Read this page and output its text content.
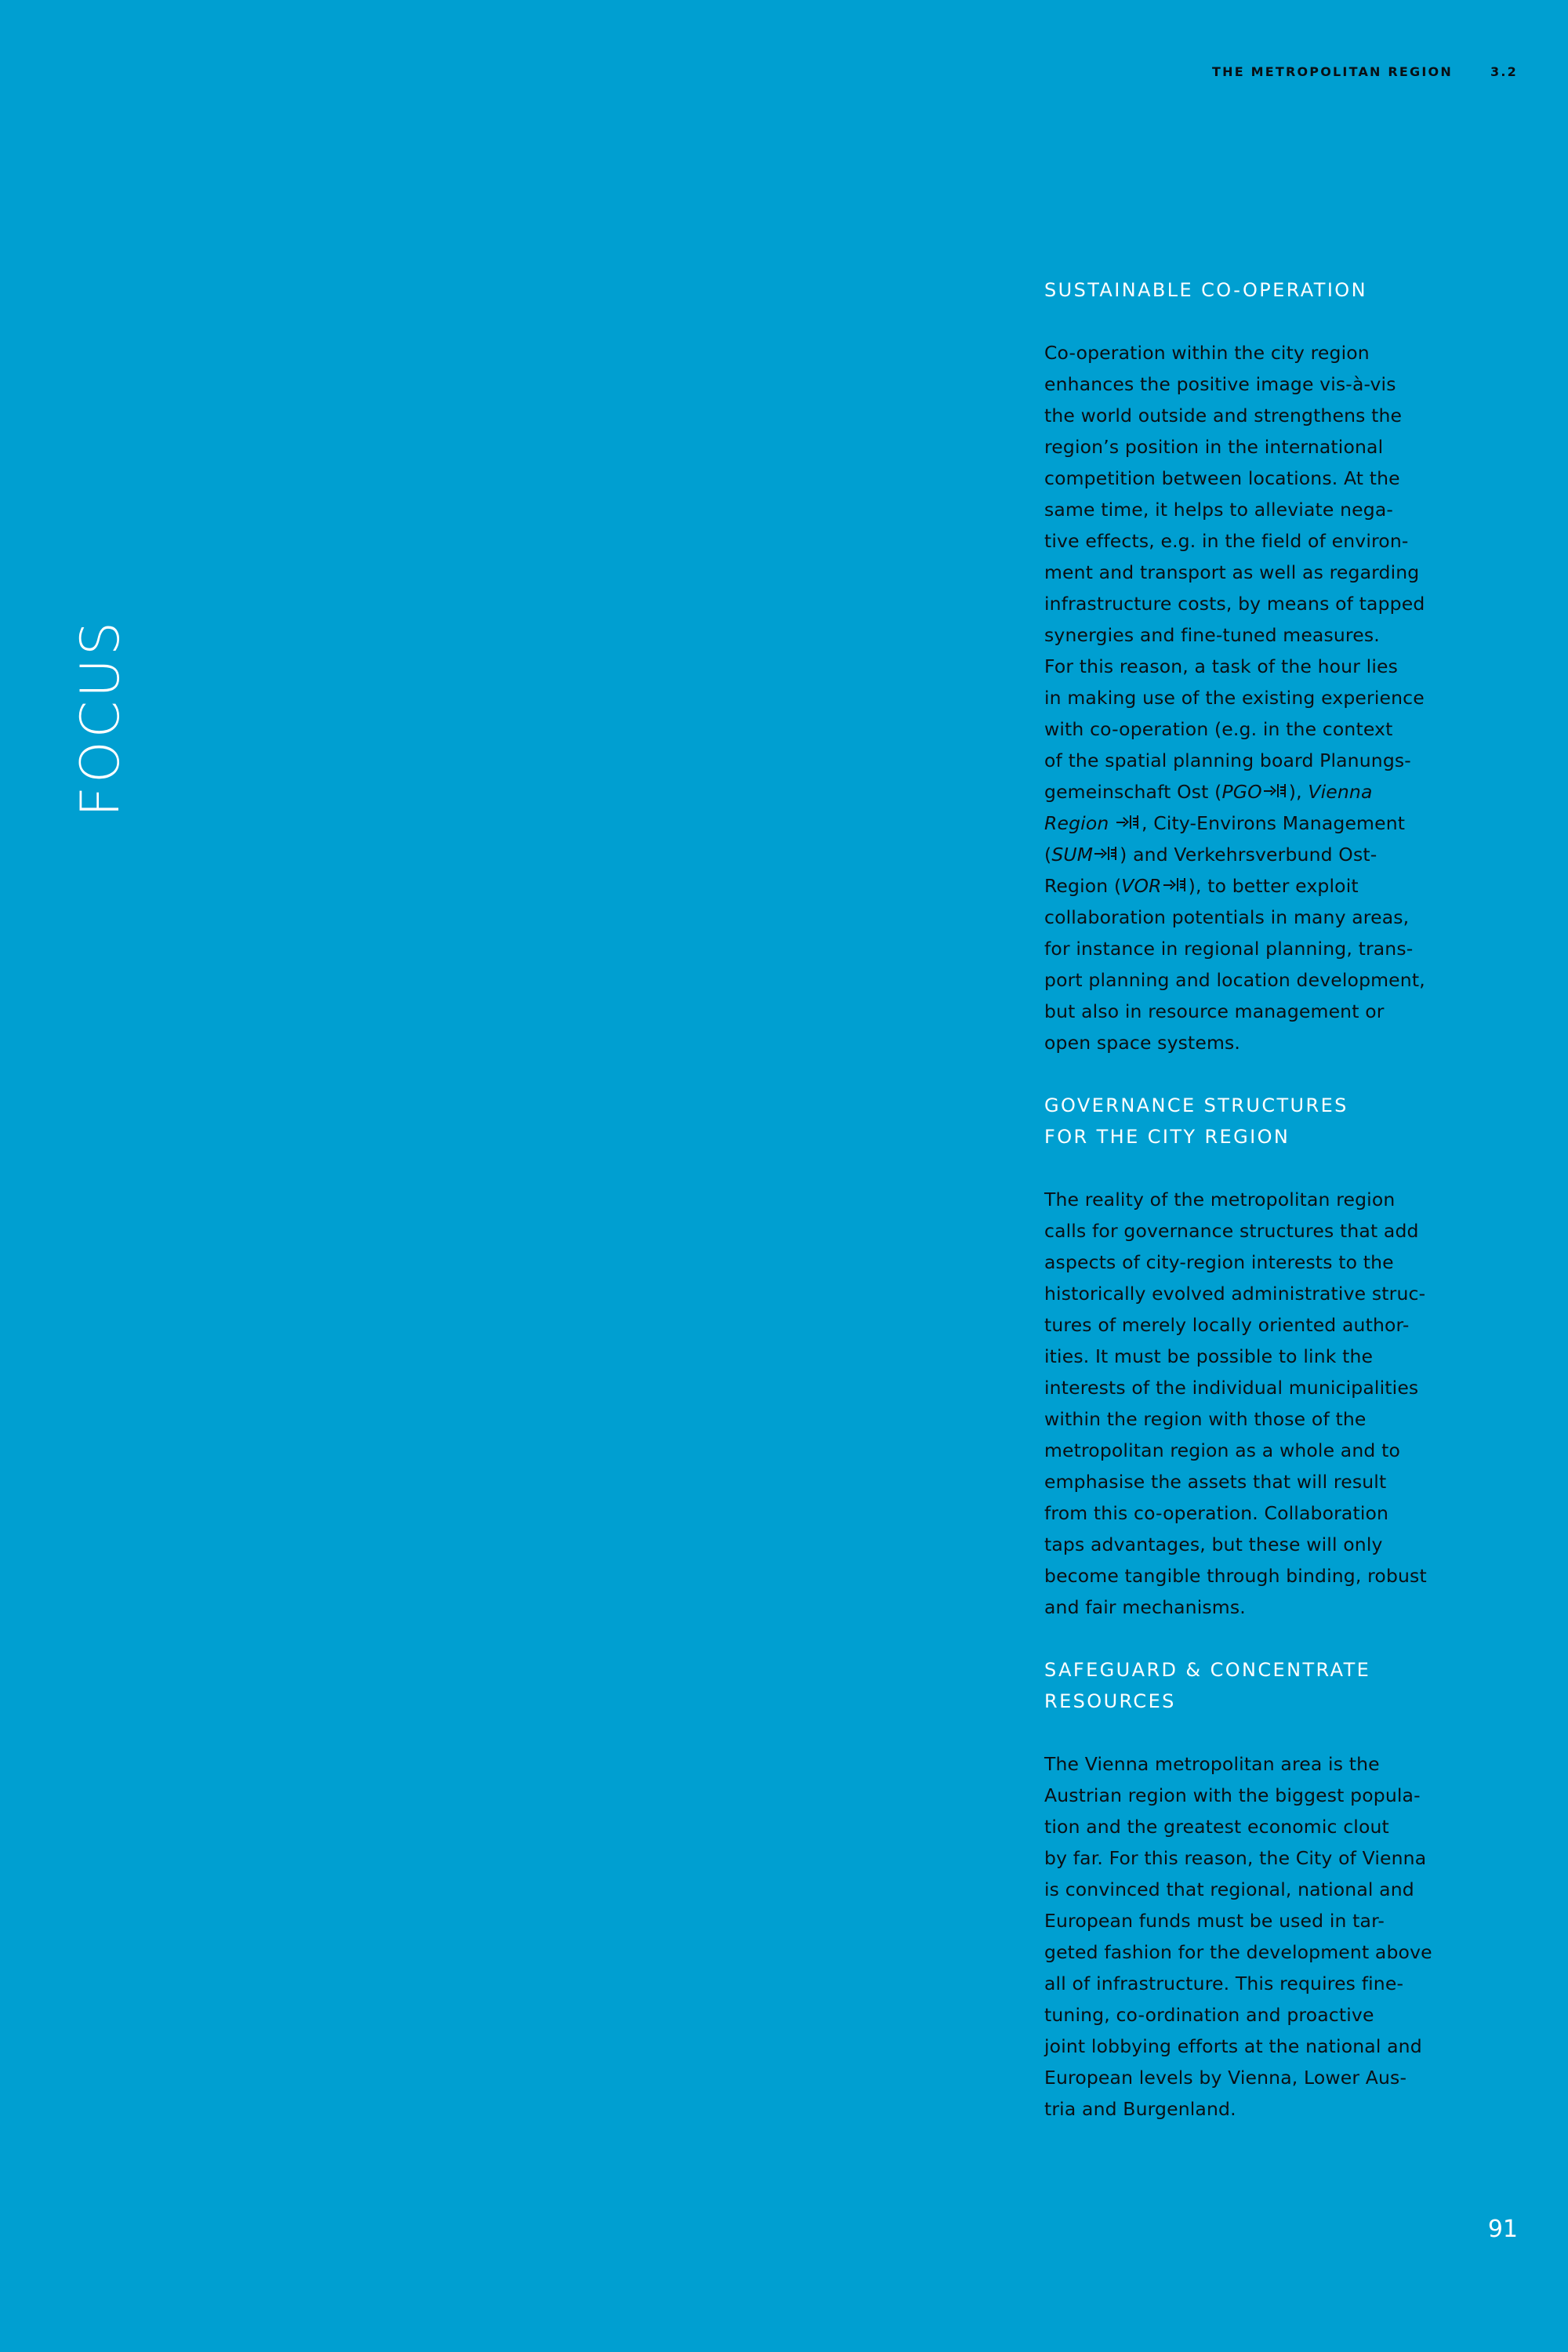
THE METROPOLITAN REGION	3.2
FOCUS
SUSTAINABLE CO-OPERATION
Co-operation within the city region
enhances the positive image vis-à-vis
the world outside and strengthens the
region’s position in the international
competition between locations. At the
same time, it helps to alleviate nega-
tive effects, e.g. in the field of environ-
ment and transport as well as regarding
infrastructure costs, by means of tapped
synergies and fine-tuned measures.
For this reason, a task of the hour lies
in making use of the existing experience
with co-operation (e.g. in the context
of the spatial planning board Planungs-
gemeinschaft Ost (PGO ), Vienna
Region , City-Environs Management
(SUM ) and Verkehrsverbund Ost-
Region (VOR ), to better exploit
collaboration potentials in many areas,
for instance in regional planning, trans-
port planning and location development,
but also in resource management or
open space systems.
GOVERNANCE STRUCTURES
FOR THE CITY REGION
The reality of the metropolitan region
calls for governance structures that add
aspects of city-region interests to the
historically evolved administrative struc-
tures of merely locally oriented author-
ities. It must be possible to link the
interests of the individual municipalities
within the region with those of the
metropolitan region as a whole and to
emphasise the assets that will result
from this co-operation. Collaboration
taps advantages, but these will only
become tangible through binding, robust
and fair mechanisms.
SAFEGUARD & CONCENTRATE
RESOURCES
The Vienna metropolitan area is the
Austrian region with the biggest popula-
tion and the greatest economic clout
by far. For this reason, the City of Vienna
is convinced that regional, national and
European funds must be used in tar-
geted fashion for the development above
all of infrastructure. This requires fine-
tuning, co-ordination and proactive
joint lobbying efforts at the national and
European levels by Vienna, Lower Aus-
tria and Burgenland.
91
